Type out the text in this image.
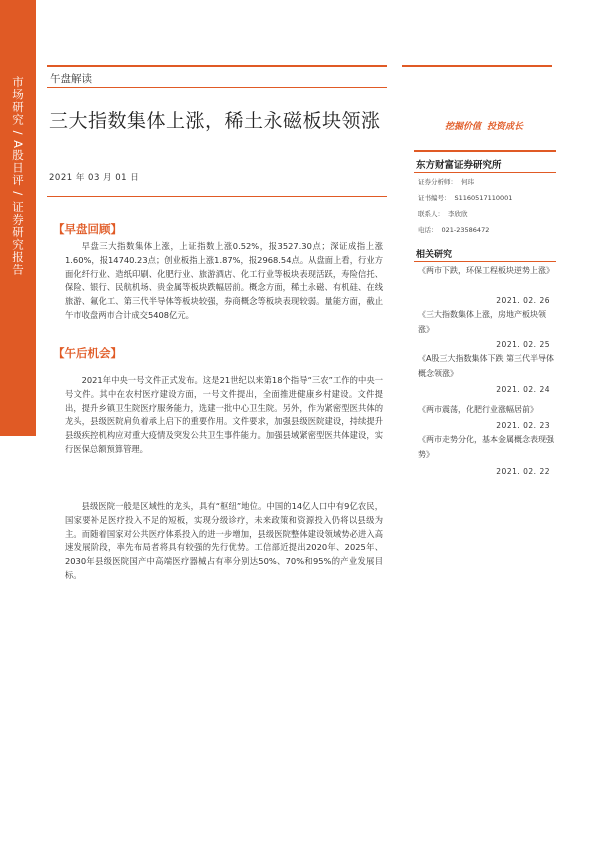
市场研究 / A股日评 / 证券研究报告	午盘解读
三大指数集体上涨，稀土永磁板块领涨	挖掘价值 投资成长
2021 年 03 月 01 日
【早盘回顾】

早盘三大指数集体上涨，上证指数上涨0.52%，报3527.30点；深证成指上涨1.60%，报14740.23点；创业板指上涨1.87%，报2968.54点。从盘面上看，行业方面化纤行业、造纸印刷、化肥行业、旅游酒店、化工行业等板块表现活跃，寿险信托、保险、银行、民航机场、贵金属等板块跌幅居前。概念方面，稀土永磁、有机硅、在线旅游、氟化工、第三代半导体等板块较强，券商概念等板块表现较弱。量能方面，截止午市收盘两市合计成交5408亿元。

【午后机会】

2021年中央一号文件正式发布。这是21世纪以来第18个指导“三农”工作的中央一号文件。其中在农村医疗建设方面，一号文件提出，全面推进健康乡村建设。文件提出，提升乡镇卫生院医疗服务能力，选建一批中心卫生院。另外，作为紧密型医共体的龙头，县级医院肩负着承上启下的重要作用。文件要求，加强县级医院建设，持续提升县级疾控机构应对重大疫情及突发公共卫生事件能力。加强县域紧密型医共体建设，实行医保总额预算管理。

县级医院一般是区域性的龙头，具有“枢纽”地位。中国的14亿人口中有9亿农民，国家要补足医疗投入不足的短板，实现分级诊疗，未来政策和资源投入仍将以县级为主。而随着国家对公共医疗体系投入的进一步增加，县级医院整体建设领域势必进入高速发展阶段，率先布局者将具有较强的先行优势。工信部近提出2020年、2025年、2030年县级医院国产中高端医疗器械占有率分别达50%、70%和95%的产业发展目标。

东方财富证券研究所
证券分析师： 何玮
证书编号： S1160517110001
联系人： 李欣欣
电话： 021-23586472
相关研究
《两市下跌，环保工程板块逆势上涨》
2021. 02. 26
《三大指数集体上涨，房地产板块领涨》
2021. 02. 25
《A股三大指数集体下跌 第三代半导体概念领涨》
2021. 02. 24
《两市震荡，化肥行业涨幅居前》
2021. 02. 23
《两市走势分化，基本金属概念表现强势》
2021. 02. 22
